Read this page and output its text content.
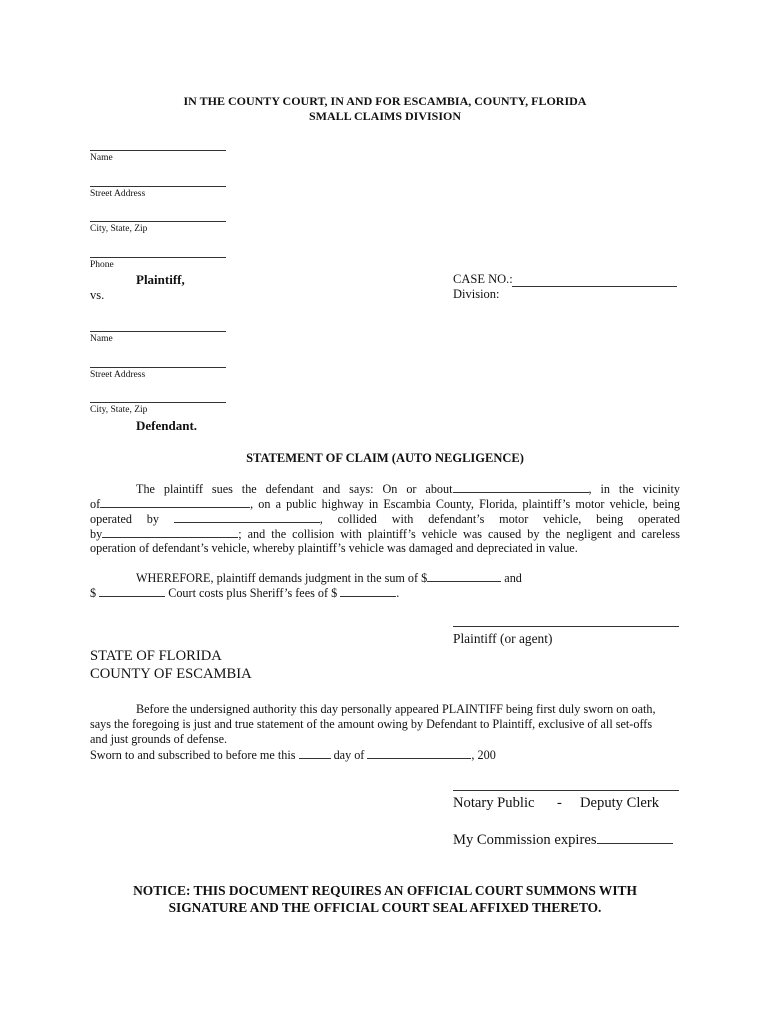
IN THE COUNTY COURT, IN AND FOR ESCAMBIA, COUNTY, FLORIDA
SMALL CLAIMS DIVISION
Name
Street Address
City, State, Zip
Phone
Plaintiff,
vs.
CASE NO.:
Division:
Name
Street Address
City, State, Zip
Defendant.
STATEMENT OF CLAIM (AUTO NEGLIGENCE)
The plaintiff sues the defendant and says: On or about	, in the vicinity
of	, on a public highway in Escambia County, Florida, plaintiff’s motor vehicle, being
operated by	, collided with defendant’s motor vehicle, being operated
by	; and the collision with plaintiff’s vehicle was caused by the negligent and careless
operation of defendant’s vehicle, whereby plaintiff’s vehicle was damaged and depreciated in value.
WHEREFORE, plaintiff demands judgment in the sum of $	and
$	Court costs plus Sheriff’s fees of $	.
Plaintiff (or agent)
STATE OF FLORIDA
COUNTY OF ESCAMBIA
Before the undersigned authority this day personally appeared PLAINTIFF being first duly sworn on oath,
says the foregoing is just and true statement of the amount owing by Defendant to Plaintiff, exclusive of all set-offs
and just grounds of defense.
Sworn to and subscribed to before me this	day of	, 200
Notary Public - Deputy Clerk
My Commission expires
NOTICE: THIS DOCUMENT REQUIRES AN OFFICIAL COURT SUMMONS WITH
SIGNATURE AND THE OFFICIAL COURT SEAL AFFIXED THERETO.
